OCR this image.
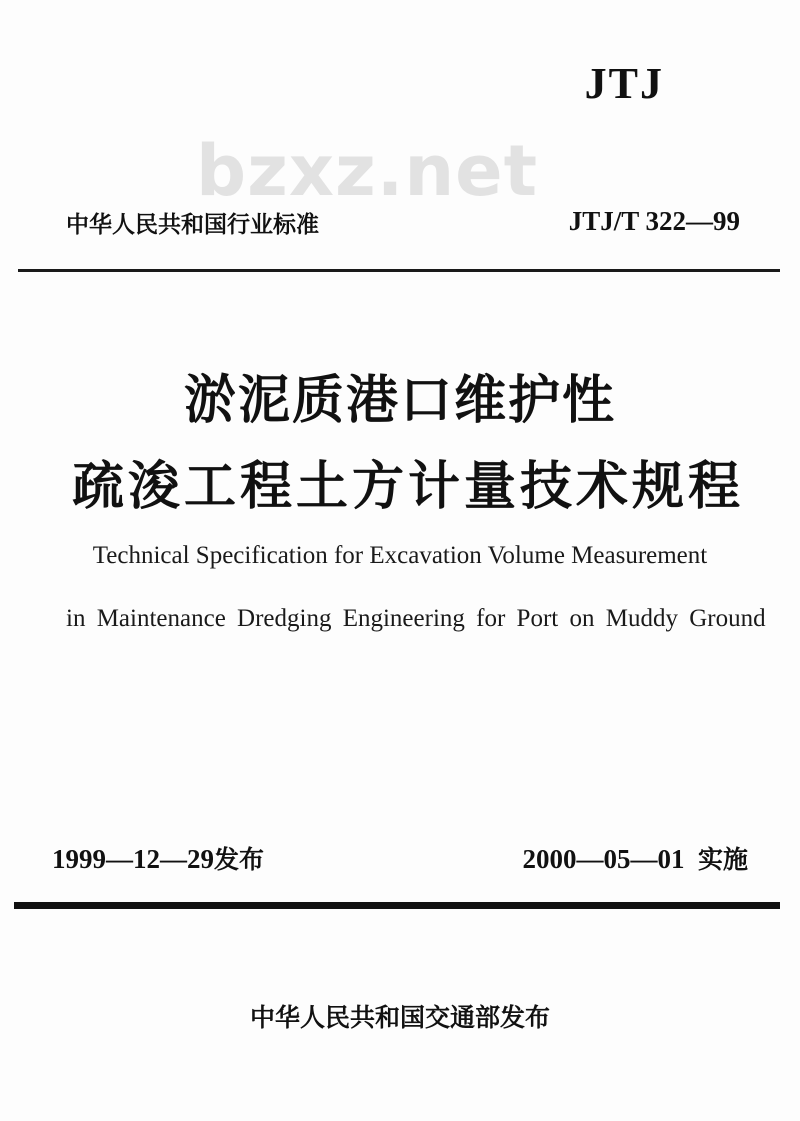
JTJ
bzxz.net
中华人民共和国行业标准	JTJ/T 322—99
淤泥质港口维护性
疏浚工程土方计量技术规程
Technical Specification for Excavation Volume Measurement
in Maintenance Dredging Engineering for Port on Muddy Ground
1999—12—29发布	2000—05—01 实施
中华人民共和国交通部发布
